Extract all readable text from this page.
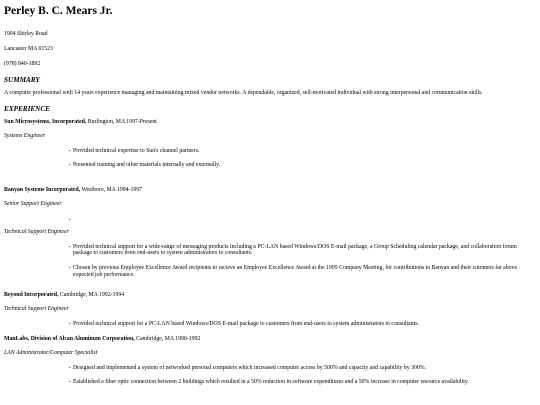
Perley B. C. Mears Jr.
1904 Shirley Road
Lancaster MA 01523
(978) 840-1892
SUMMARY
A computer professional with 14 years experience managing and maintaining mixed vendor networks. A dependable, organized, self-motivated individual with strong interpersonal and communication skills.
EXPERIENCE
Sun Microsystems, Incorporated, Burlington, MA 1997-Present
Systems Engineer
• Provided technical expertise to Sun's channel partners.
• Presented training and other materials internally and externally.
Banyan Systems Incorporated, Westboro, MA 1994-1997
Senior Support Engineer
•
Technical Support Engineer
• Provided technical support for a wide-range of messaging products including a PC-LAN based Windows/DOS E-mail package, a Group Scheduling calendar package, and collaboration forum package to customers from end-users to system administrators to consultants.
• Chosen by previous Employee Excellence Award recipients to recieve an Employee Excellence Award at the 1995 Company Meeting, for contributions to Banyan and their cutomers far above expected job performance.
Beyond Incorporated, Cambridge, MA 1992-1994
Technical Support Engineer
• Provided technical support for a PC-LAN based Windows/DOS E-mail package to customers from end-users to system administrators to consultants.
ManLabs, Division of Alcan Aluminum Corporation, Cambridge, MA 1990-1992
LAN Administrator/Computer Specialist
• Designed and implemented a system of networked personal computers which increased computer access by 500% and capacity and capability by 300%.
• Established a fiber optic connection between 2 buildings which resulted in a 50% reduction in software expenditures and a 50% increase in computer resource availability.
